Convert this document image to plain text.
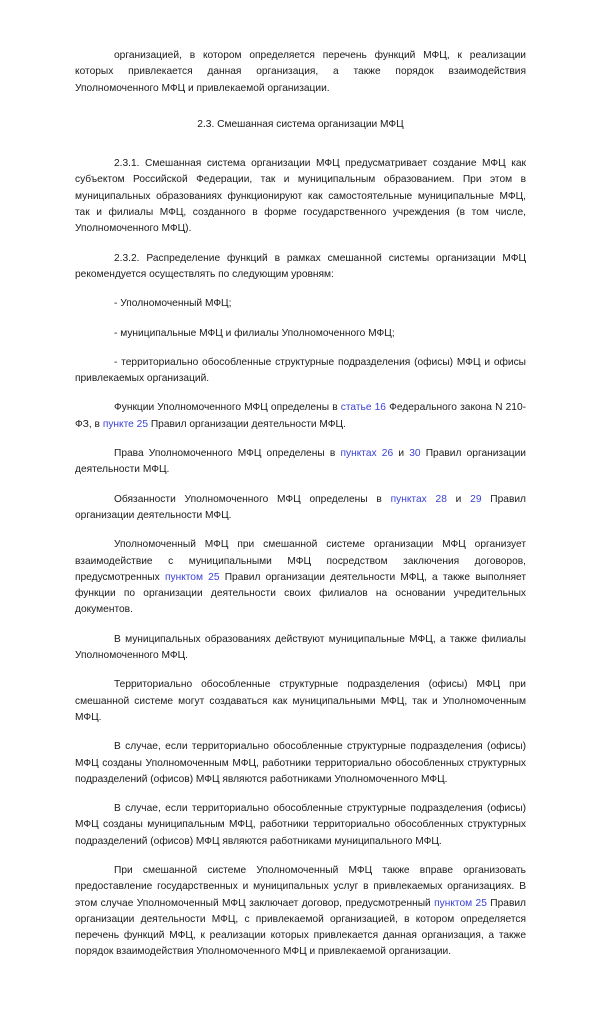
организацией, в котором определяется перечень функций МФЦ, к реализации которых привлекается данная организация, а также порядок взаимодействия Уполномоченного МФЦ и привлекаемой организации.

2.3. Смешанная система организации МФЦ

2.3.1. Смешанная система организации МФЦ предусматривает создание МФЦ как субъектом Российской Федерации, так и муниципальным образованием. При этом в муниципальных образованиях функционируют как самостоятельные муниципальные МФЦ, так и филиалы МФЦ, созданного в форме государственного учреждения (в том числе, Уполномоченного МФЦ).

2.3.2. Распределение функций в рамках смешанной системы организации МФЦ рекомендуется осуществлять по следующим уровням:

- Уполномоченный МФЦ;

- муниципальные МФЦ и филиалы Уполномоченного МФЦ;

- территориально обособленные структурные подразделения (офисы) МФЦ и офисы привлекаемых организаций.

Функции Уполномоченного МФЦ определены в статье 16 Федерального закона N 210-ФЗ, в пункте 25 Правил организации деятельности МФЦ.

Права Уполномоченного МФЦ определены в пунктах 26 и 30 Правил организации деятельности МФЦ.

Обязанности Уполномоченного МФЦ определены в пунктах 28 и 29 Правил организации деятельности МФЦ.

Уполномоченный МФЦ при смешанной системе организации МФЦ организует взаимодействие с муниципальными МФЦ посредством заключения договоров, предусмотренных пунктом 25 Правил организации деятельности МФЦ, а также выполняет функции по организации деятельности своих филиалов на основании учредительных документов.

В муниципальных образованиях действуют муниципальные МФЦ, а также филиалы Уполномоченного МФЦ.

Территориально обособленные структурные подразделения (офисы) МФЦ при смешанной системе могут создаваться как муниципальными МФЦ, так и Уполномоченным МФЦ.

В случае, если территориально обособленные структурные подразделения (офисы) МФЦ созданы Уполномоченным МФЦ, работники территориально обособленных структурных подразделений (офисов) МФЦ являются работниками Уполномоченного МФЦ.

В случае, если территориально обособленные структурные подразделения (офисы) МФЦ созданы муниципальным МФЦ, работники территориально обособленных структурных подразделений (офисов) МФЦ являются работниками муниципального МФЦ.

При смешанной системе Уполномоченный МФЦ также вправе организовать предоставление государственных и муниципальных услуг в привлекаемых организациях. В этом случае Уполномоченный МФЦ заключает договор, предусмотренный пунктом 25 Правил организации деятельности МФЦ, с привлекаемой организацией, в котором определяется перечень функций МФЦ, к реализации которых привлекается данная организация, а также порядок взаимодействия Уполномоченного МФЦ и привлекаемой организации.
